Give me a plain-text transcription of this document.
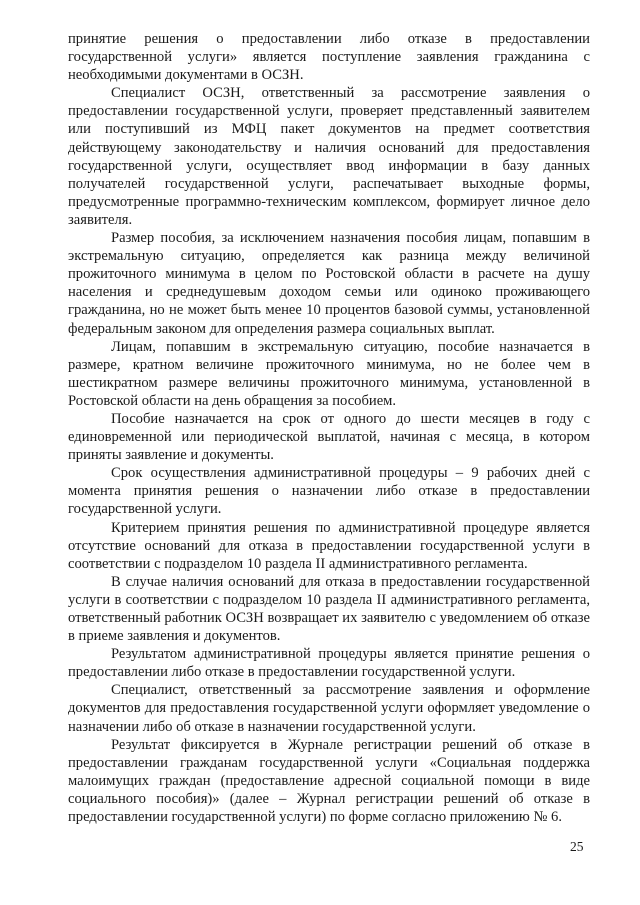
принятие решения о предоставлении либо отказе в предоставлении государственной услуги» является поступление заявления гражданина с необходимыми документами в ОСЗН.

Специалист ОСЗН, ответственный за рассмотрение заявления о предоставлении государственной услуги, проверяет представленный заявителем или поступивший из МФЦ пакет документов на предмет соответствия действующему законодательству и наличия оснований для предоставления государственной услуги, осуществляет ввод информации в базу данных получателей государственной услуги, распечатывает выходные формы, предусмотренные программно-техническим комплексом, формирует личное дело заявителя.

Размер пособия, за исключением назначения пособия лицам, попавшим в экстремальную ситуацию, определяется как разница между величиной прожиточного минимума в целом по Ростовской области в расчете на душу населения и среднедушевым доходом семьи или одиноко проживающего гражданина, но не может быть менее 10 процентов базовой суммы, установленной федеральным законом для определения размера социальных выплат.

Лицам, попавшим в экстремальную ситуацию, пособие назначается в размере, кратном величине прожиточного минимума, но не более чем в шестикратном размере величины прожиточного минимума, установленной в Ростовской области на день обращения за пособием.

Пособие назначается на срок от одного до шести месяцев в году с единовременной или периодической выплатой, начиная с месяца, в котором приняты заявление и документы.

Срок осуществления административной процедуры – 9 рабочих дней с момента принятия решения о назначении либо отказе в предоставлении государственной услуги.

Критерием принятия решения по административной процедуре является отсутствие оснований для отказа в предоставлении государственной услуги в соответствии с подразделом 10 раздела II административного регламента.

В случае наличия оснований для отказа в предоставлении государственной услуги в соответствии с подразделом 10 раздела II административного регламента, ответственный работник ОСЗН возвращает их заявителю с уведомлением об отказе в приеме заявления и документов.

Результатом административной процедуры является принятие решения о предоставлении либо отказе в предоставлении государственной услуги.

Специалист, ответственный за рассмотрение заявления и оформление документов для предоставления государственной услуги оформляет уведомление о назначении либо об отказе в назначении государственной услуги.

Результат фиксируется в Журнале регистрации решений об отказе в предоставлении гражданам государственной услуги «Социальная поддержка малоимущих граждан (предоставление адресной социальной помощи в виде социального пособия)» (далее – Журнал регистрации решений об отказе в предоставлении государственной услуги) по форме согласно приложению № 6.

25
